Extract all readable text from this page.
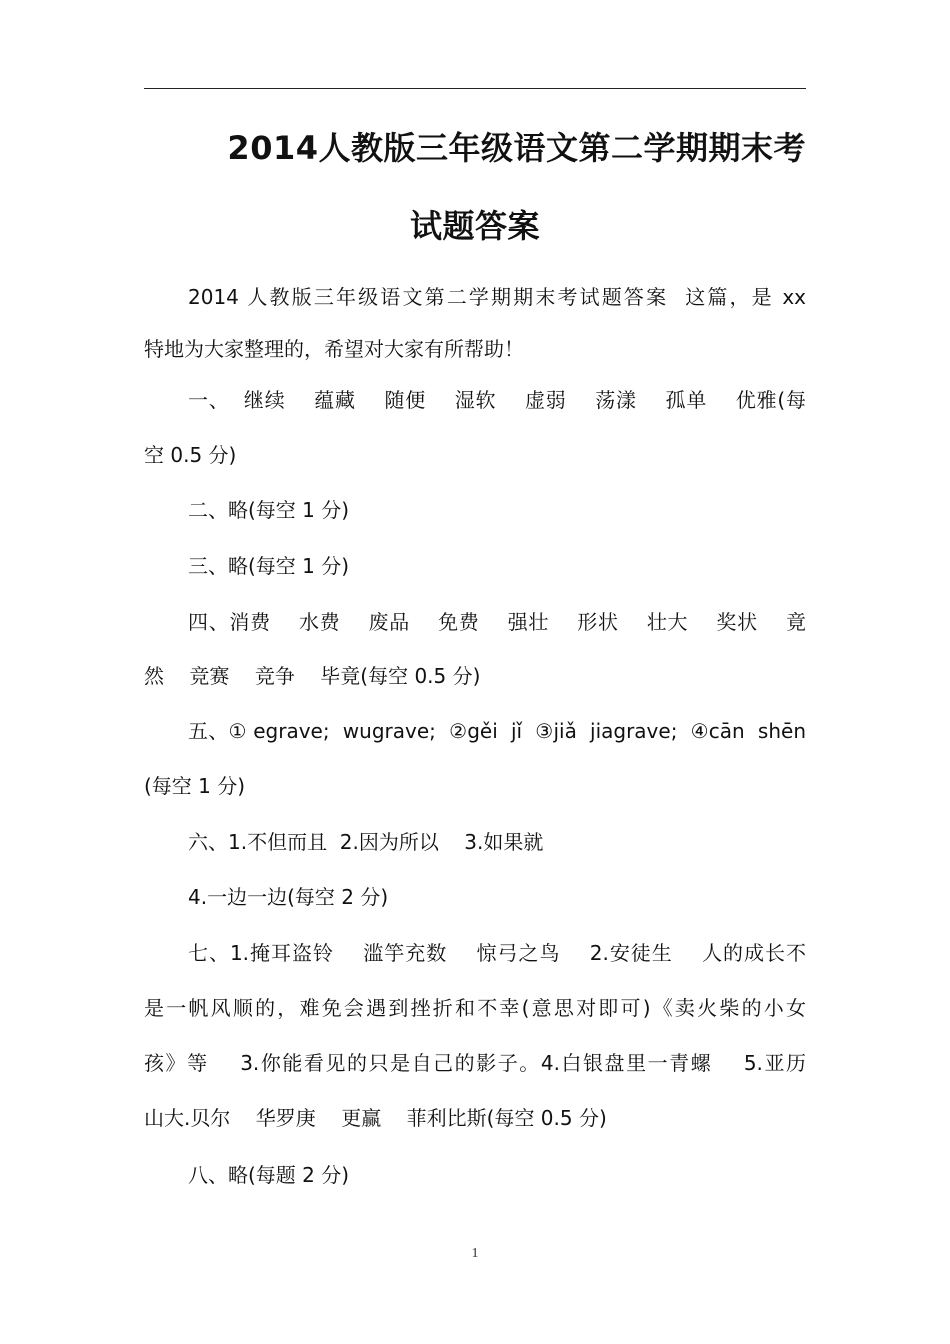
2014人教版三年级语文第二学期期末考
试题答案
2014 人教版三年级语文第二学期期末考试题答案  这篇，是 xx
特地为大家整理的，希望对大家有所帮助！
一、  继续    蕴藏    随便    湿软    虚弱    荡漾    孤单    优雅(每
空 0.5 分)
二、略(每空 1 分)
三、略(每空 1 分)
四、消费    水费    废品    免费    强壮    形状    壮大    奖状    竟
然    竞赛    竞争    毕竟(每空 0.5 分)
五、① egrave;  wugrave;  ②gěi  jǐ  ③jiǎ  jiagrave;  ④cān  shēn
(每空 1 分)
六、1.不但而且  2.因为所以    3.如果就
4.一边一边(每空 2 分)
七、1.掩耳盗铃    滥竽充数    惊弓之鸟    2.安徒生    人的成长不
是一帆风顺的，难免会遇到挫折和不幸(意思对即可)《卖火柴的小女
孩》等    3.你能看见的只是自己的影子。4.白银盘里一青螺    5.亚历
山大.贝尔    华罗庚    更赢    菲利比斯(每空 0.5 分)
八、略(每题 2 分)
1
